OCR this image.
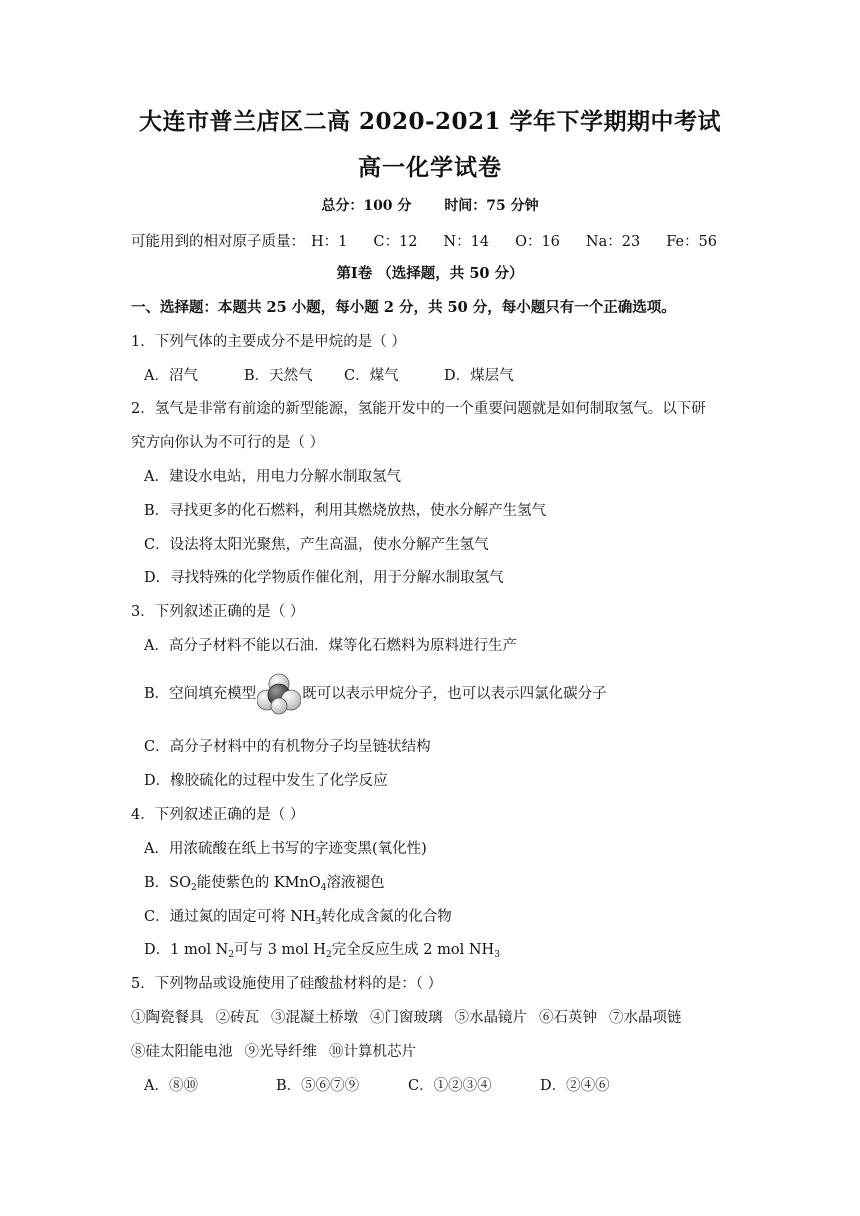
大连市普兰店区二高 2020-2021 学年下学期期中考试
高一化学试卷
总分：100 分 时间：75 分钟
可能用到的相对原子质量： H：1 C：12 N：14 O：16 Na：23 Fe：56
第Ⅰ卷 （选择题，共 50 分）
一、选择题：本题共 25 小题，每小题 2 分，共 50 分，每小题只有一个正确选项。
1．下列气体的主要成分不是甲烷的是（ ）
A．沼气	B．天然气 C．煤气	D．煤层气
2．氢气是非常有前途的新型能源，氢能开发中的一个重要问题就是如何制取氢气。以下研
究方向你认为不可行的是（ ）
A．建设水电站，用电力分解水制取氢气
B．寻找更多的化石燃料，利用其燃烧放热，使水分解产生氢气
C．设法将太阳光聚焦，产生高温，使水分解产生氢气
D．寻找特殊的化学物质作催化剂，用于分解水制取氢气
3．下列叙述正确的是（ ）
A．高分子材料不能以石油．煤等化石燃料为原料进行生产
B．空间填充模型	既可以表示甲烷分子，也可以表示四氯化碳分子
C．高分子材料中的有机物分子均呈链状结构
D．橡胶硫化的过程中发生了化学反应
4．下列叙述正确的是（ ）
A．用浓硫酸在纸上书写的字迹变黑(氧化性)
B．$SO_2$能使紫色的 KMnO$_4$溶液褪色
C．通过氮的固定可将 $NH_3$转化成含氮的化合物
D．1 mol $N_2$可与 3 mol $H_2$完全反应生成 2 mol $NH_3$
5．下列物品或设施使用了硅酸盐材料的是：（ ）
①陶瓷餐具 ②砖瓦 ③混凝土桥墩 ④门窗玻璃 ⑤水晶镜片 ⑥石英钟 ⑦水晶项链
⑧硅太阳能电池 ⑨光导纤维 ⑩计算机芯片
A．⑧⑩	B．⑤⑥⑦⑨	C．①②③④	D．②④⑥
